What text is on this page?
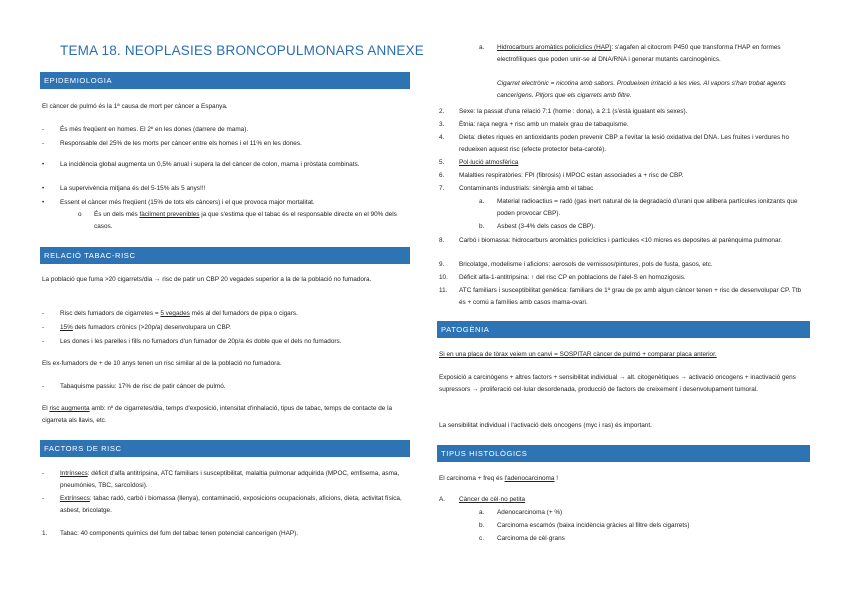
TEMA 18. NEOPLASIES BRONCOPULMONARS ANNEXE
EPIDEMIOLOGIA
El càncer de pulmó és la 1ª causa de mort per càncer a Espanya.
- És més freqüent en homes. El 2º en les dones (darrere de mama).
- Responsable del 25% de les morts per càncer entre els homes i el 11% en les dones.
• La incidència global augmenta un 0,5% anual i supera la del càncer de colon, mama i pròstata combinats.
• La supervivència mitjana és del 5-15% als 5 anys!!!
• Essent el càncer més freqüent (15% de tots els càncers) i el que provoca major mortalitat.
o És un dels més fàcilment prevenibles ja que s'estima que el tabac és el responsable directe en el 90% dels casos.
RELACIÓ TABAC-RISC
La població que fuma >20 cigarrets/dia → risc de patir un CBP 20 vegades superior a la de la població no fumadora.
- Risc dels fumadors de cigarretes = 5 vegades més al del fumadors de pipa o cigars.
- 15% dels fumadors crònics (>20p/a) desenvolupara un CBP.
- Les dones i les parelles i fills no fumadors d'un fumador de 20p/a és doble que el dels no fumadors.
Els ex-fumadors de + de 10 anys tenen un risc similar al de la població no fumadora.
- Tabaquisme passiu: 17% de risc de patir càncer de pulmó.
El risc augmenta amb: nº de cigarretes/dia, temps d'exposició, intensitat d'inhalació, tipus de tabac, temps de contacte de la cigarreta als llavis, etc.
FACTORS DE RISC
- Intrínsecs: dèficit d'alfa antitripsina, ATC familiars i susceptibilitat, malaltia pulmonar adquirida (MPOC, emfisema, asma, pneumònies, TBC, sarcoïdosi).
- Extrínsecs: tabac radó, carbó i biomassa (llenya), contaminació, exposicions ocupacionals, aficions, dieta, activitat física, asbest, bricolatge.
1. Tabac: 40 components químics del fum del tabac tenen potencial cancerígen (HAP).
a. Hidrocarburs aromàtics policíclics (HAP): s'agafen al citocrom P450 que transforma l'HAP en formes electrofíliques que poden unir-se al DNA/RNA i generar mutants carcinogènics.
Cigarret electrònic = nicotina amb sabors. Produeixen irritació a les vies. Al vapors s'han trobat agents cancerígens. Pitjors que els cigarrets amb filtre.
2. Sexe: la passat d'una relació 7:1 (home : dona), a 2:1 (s'està igualant els sexes).
3. Ètnia: raça negra + risc amb un mateix grau de tabaquisme.
4. Dieta: dietes riques en antioxidants poden prevenir CBP a l'evitar la lesió oxidativa del DNA. Les fruites i verdures ho redueixen aquest risc (efecte protector beta-carotè).
5. Pol·lució atmosfèrica
6. Malalties respiratòries: FPI (fibrosis) i MPOC estan associades a + risc de CBP.
7. Contaminants industrials: sinèrgia amb el tabac
a. Material radioactius = radó (gas inert natural de la degradació d'urani que allibera partícules ionitzants que poden provocar CBP).
b. Asbest (3-4% dels casos de CBP).
8. Carbó i biomassa: hidrocarburs aromàtics policíclics i partícules <10 micres es deposites al parènquima pulmonar.
9. Bricolatge, modelisme i aficions: aerosols de vernissos/pintures, pols de fusta, gasos, etc.
10. Déficit alfa-1-antitripsina: ↑ del risc CP en poblacions de l'alel-S en homozigosis.
11. ATC familiars i susceptibilitat genètica: familiars de 1º grau de px amb algun càncer tenen + risc de desenvolupar CP. Ttb és + comú a famílies amb casos mama-ovari.
PATOGÈNIA
Si en una placa de tòrax veiem un canvi = SOSPITAR càncer de pulmó + comparar placa anterior.
Exposició a carcinògens + altres factors + sensibilitat individual → alt. citogenètiques → activació oncogens + inactivació gens supressors → proliferació cel·lular desordenada, producció de factors de creixement i desenvolupament tumoral.
La sensibilitat individual i l'activació dels oncogens (myc i ras) és important.
TIPUS HISTOLÒGICS
El carcinoma + freq és l'adenocarcinoma !
A. Càncer de cèl·no petita
a. Adenocarcinoma (+ %)
b. Carcinoma escamós (baixa incidència gràcies al filtre dels cigarrets)
c. Carcinoma de cèl·grans
